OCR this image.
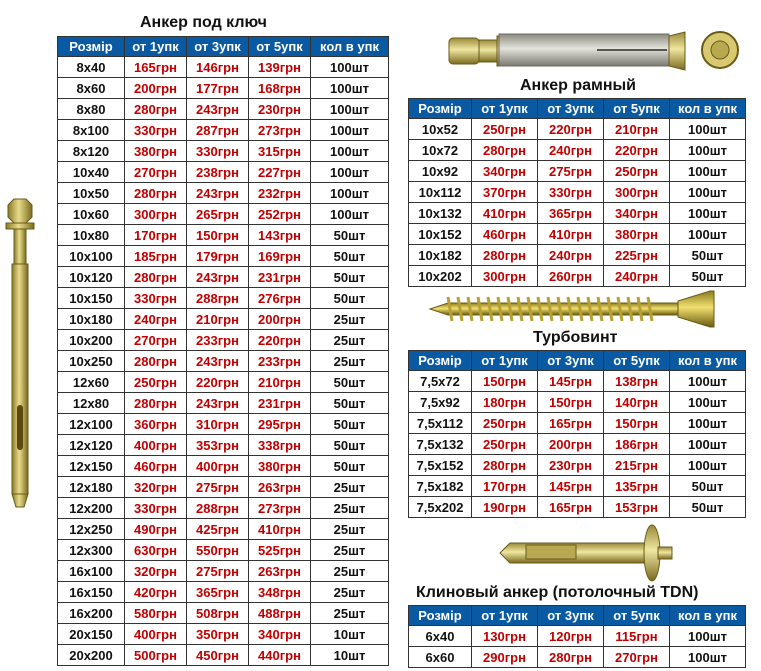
Анкер под ключ
Розмір	от 1упк	от 3упк	от 5упк	кол в упк
8x40	165грн	146грн	139грн	100шт
8x60	200грн	177грн	168грн	100шт
8x80	280грн	243грн	230грн	100шт
8x100	330грн	287грн	273грн	100шт
8x120	380грн	330грн	315грн	100шт
10x40	270грн	238грн	227грн	100шт
10x50	280грн	243грн	232грн	100шт
10x60	300грн	265грн	252грн	100шт
10x80	170грн	150грн	143грн	50шт
10x100	185грн	179грн	169грн	50шт
10x120	280грн	243грн	231грн	50шт
10x150	330грн	288грн	276грн	50шт
10x180	240грн	210грн	200грн	25шт
10x200	270грн	233грн	220грн	25шт
10x250	280грн	243грн	233грн	25шт
12x60	250грн	220грн	210грн	50шт
12x80	280грн	243грн	231грн	50шт
12x100	360грн	310грн	295грн	50шт
12x120	400грн	353грн	338грн	50шт
12x150	460грн	400грн	380грн	50шт
12x180	320грн	275грн	263грн	25шт
12x200	330грн	288грн	273грн	25шт
12x250	490грн	425грн	410грн	25шт
12x300	630грн	550грн	525грн	25шт
16x100	320грн	275грн	263грн	25шт
16x150	420грн	365грн	348грн	25шт
16x200	580грн	508грн	488грн	25шт
20x150	400грн	350грн	340грн	10шт
20x200	500грн	450грн	440грн	10шт
Анкер рамный
Розмір	от 1упк	от 3упк	от 5упк	кол в упк
10x52	250грн	220грн	210грн	100шт
10x72	280грн	240грн	220грн	100шт
10x92	340грн	275грн	250грн	100шт
10x112	370грн	330грн	300грн	100шт
10x132	410грн	365грн	340грн	100шт
10x152	460грн	410грн	380грн	100шт
10x182	280грн	240грн	225грн	50шт
10x202	300грн	260грн	240грн	50шт
Турбовинт
Розмір	от 1упк	от 3упк	от 5упк	кол в упк
7,5x72	150грн	145грн	138грн	100шт
7,5x92	180грн	150грн	140грн	100шт
7,5x112	250грн	165грн	150грн	100шт
7,5x132	250грн	200грн	186грн	100шт
7,5x152	280грн	230грн	215грн	100шт
7,5x182	170грн	145грн	135грн	50шт
7,5x202	190грн	165грн	153грн	50шт
Клиновый анкер (потолочный TDN)
Розмір	от 1упк	от 3упк	от 5упк	кол в упк
6x40	130грн	120грн	115грн	100шт
6x60	290грн	280грн	270грн	100шт
